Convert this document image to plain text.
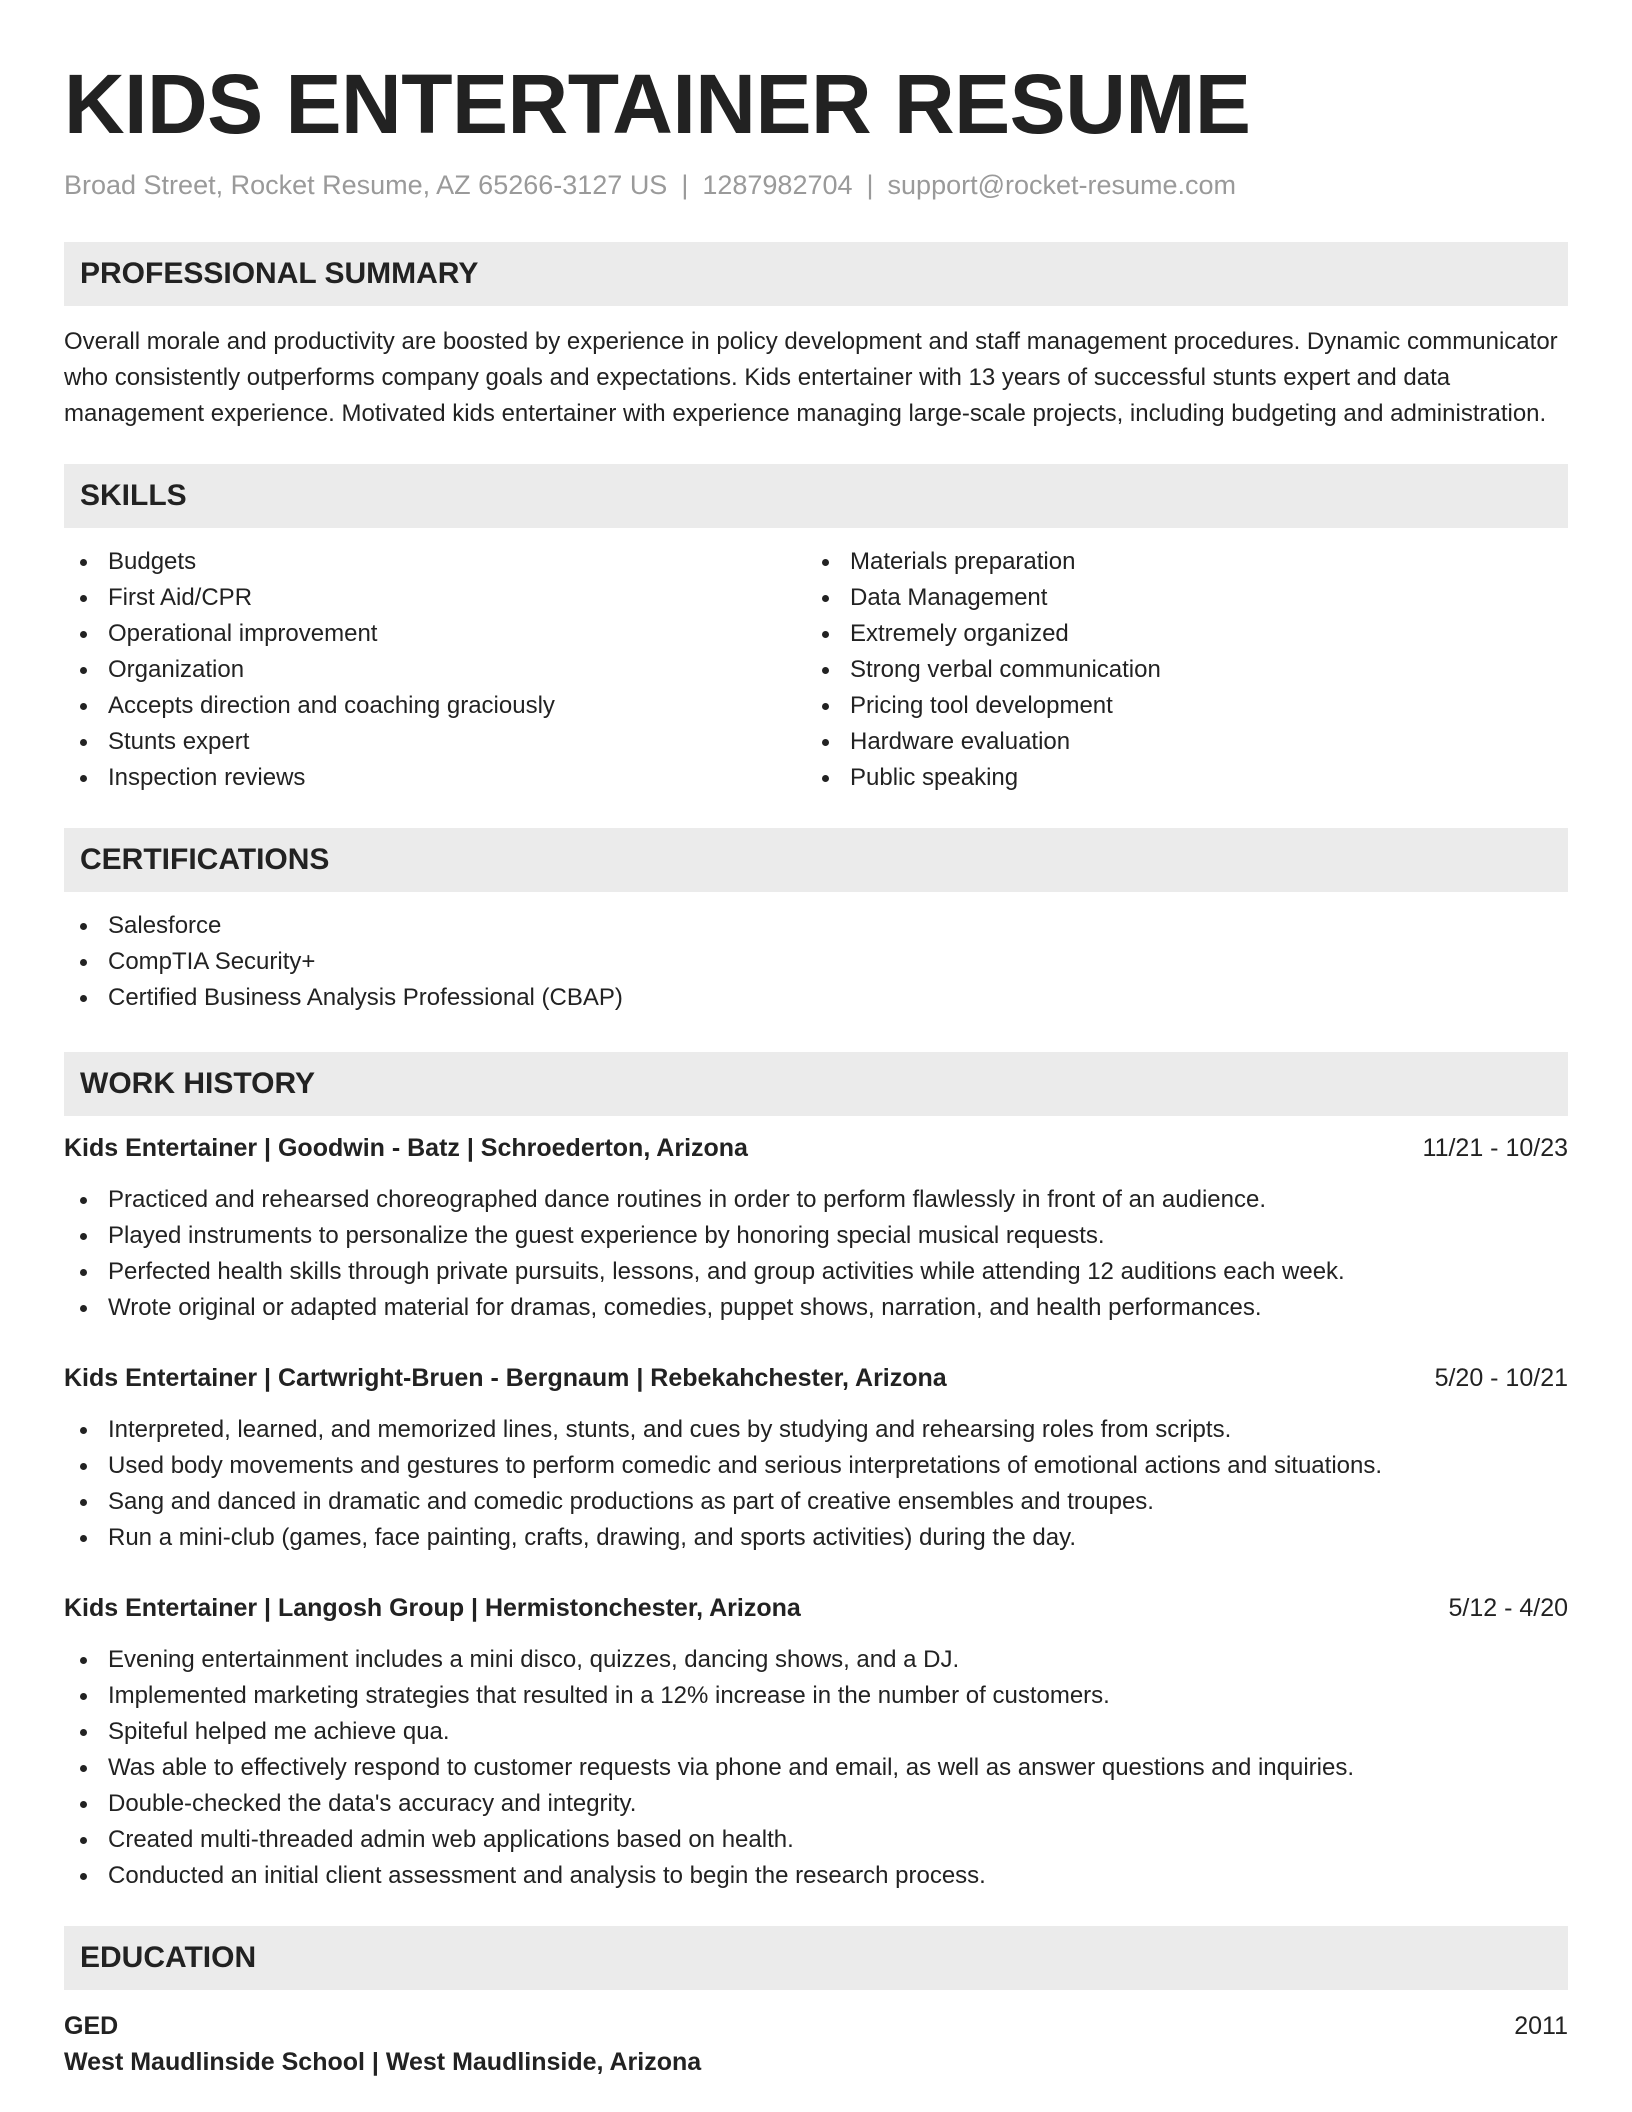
KIDS ENTERTAINER RESUME
Broad Street, Rocket Resume, AZ 65266-3127 US | 1287982704 | support@rocket-resume.com
PROFESSIONAL SUMMARY

Overall morale and productivity are boosted by experience in policy development and staff management procedures. Dynamic communicator who consistently outperforms company goals and expectations. Kids entertainer with 13 years of successful stunts expert and data management experience. Motivated kids entertainer with experience managing large-scale projects, including budgeting and administration.

SKILLS
Budgets
First Aid/CPR
Operational improvement
Organization
Accepts direction and coaching graciously
Stunts expert
Inspection reviews
Materials preparation
Data Management
Extremely organized
Strong verbal communication
Pricing tool development
Hardware evaluation
Public speaking
CERTIFICATIONS
Salesforce
CompTIA Security+
Certified Business Analysis Professional (CBAP)
WORK HISTORY
Kids Entertainer | Goodwin - Batz | Schroederton, Arizona	11/21 - 10/23
Practiced and rehearsed choreographed dance routines in order to perform flawlessly in front of an audience.
Played instruments to personalize the guest experience by honoring special musical requests.
Perfected health skills through private pursuits, lessons, and group activities while attending 12 auditions each week.
Wrote original or adapted material for dramas, comedies, puppet shows, narration, and health performances.
Kids Entertainer | Cartwright-Bruen - Bergnaum | Rebekahchester, Arizona	5/20 - 10/21
Interpreted, learned, and memorized lines, stunts, and cues by studying and rehearsing roles from scripts.
Used body movements and gestures to perform comedic and serious interpretations of emotional actions and situations.
Sang and danced in dramatic and comedic productions as part of creative ensembles and troupes.
Run a mini-club (games, face painting, crafts, drawing, and sports activities) during the day.
Kids Entertainer | Langosh Group | Hermistonchester, Arizona	5/12 - 4/20
Evening entertainment includes a mini disco, quizzes, dancing shows, and a DJ.
Implemented marketing strategies that resulted in a 12% increase in the number of customers.
Spiteful helped me achieve qua.
Was able to effectively respond to customer requests via phone and email, as well as answer questions and inquiries.
Double-checked the data's accuracy and integrity.
Created multi-threaded admin web applications based on health.
Conducted an initial client assessment and analysis to begin the research process.
EDUCATION
GED	2011
West Maudlinside School | West Maudlinside, Arizona
